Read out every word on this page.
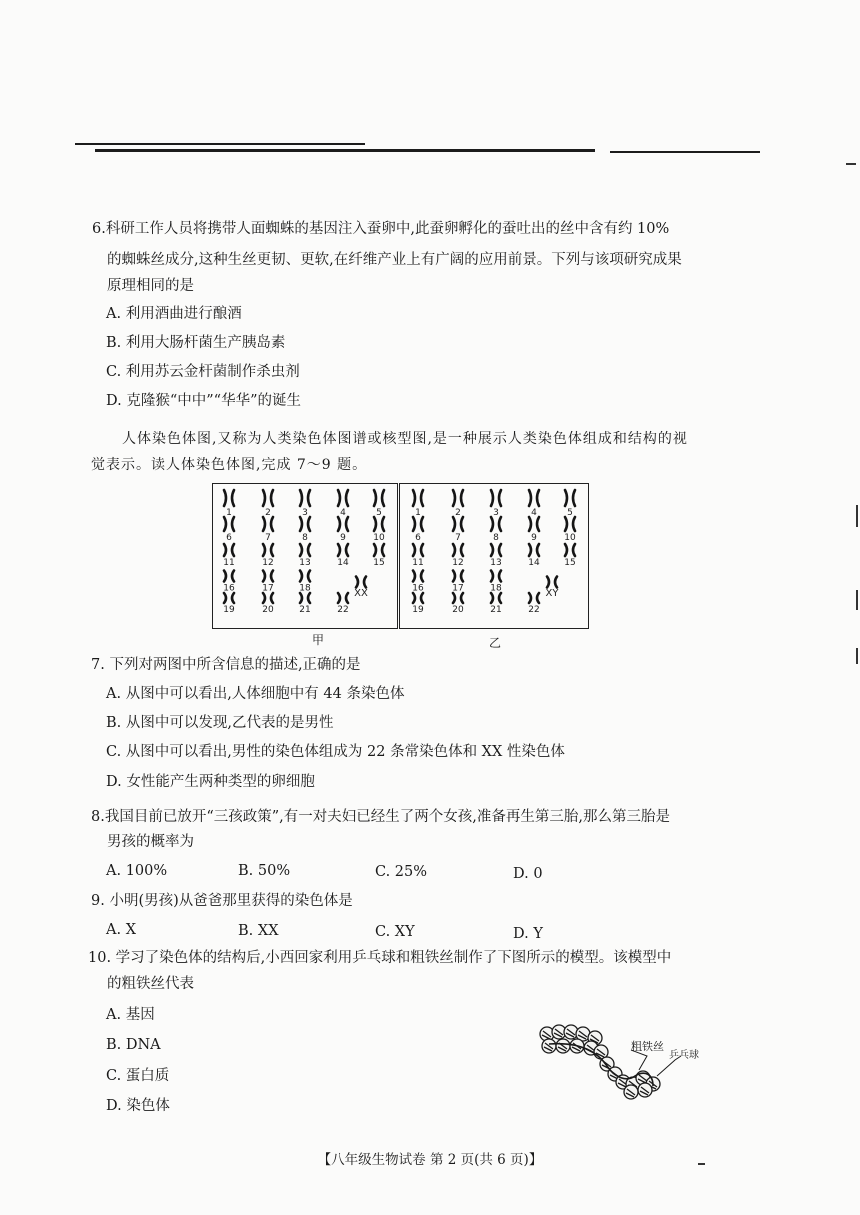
6.科研工作人员将携带人面蜘蛛的基因注入蚕卵中,此蚕卵孵化的蚕吐出的丝中含有约 10%
的蜘蛛丝成分,这种生丝更韧、更软,在纤维产业上有广阔的应用前景。下列与该项研究成果
原理相同的是
A. 利用酒曲进行酿酒
B. 利用大肠杆菌生产胰岛素
C. 利用苏云金杆菌制作杀虫剂
D. 克隆猴“中中”“华华”的诞生
人体染色体图,又称为人类染色体图谱或核型图,是一种展示人类染色体组成和结构的视
觉表示。读人体染色体图,完成 7～9 题。
1	2	3	4	5
6	7	8	9	10
11	12	13	14	15
16	17	18
19	20	21	22
XX
1	2	3	4	5
6	7	8	9	10
11	12	13	14	15
16	17	18
19	20	21	22
XY
甲	乙
7. 下列对两图中所含信息的描述,正确的是
A. 从图中可以看出,人体细胞中有 44 条染色体
B. 从图中可以发现,乙代表的是男性
C. 从图中可以看出,男性的染色体组成为 22 条常染色体和 XX 性染色体
D. 女性能产生两种类型的卵细胞
8.我国目前已放开“三孩政策”,有一对夫妇已经生了两个女孩,准备再生第三胎,那么第三胎是
男孩的概率为
A. 100%	B. 50%	C. 25%	D. 0
9. 小明(男孩)从爸爸那里获得的染色体是
A. X	B. XX	C. XY	D. Y
10. 学习了染色体的结构后,小西回家利用乒乓球和粗铁丝制作了下图所示的模型。该模型中
的粗铁丝代表
A. 基因
B. DNA
C. 蛋白质
D. 染色体
粗铁丝
乒乓球
【八年级生物试卷 第 2 页(共 6 页)】
